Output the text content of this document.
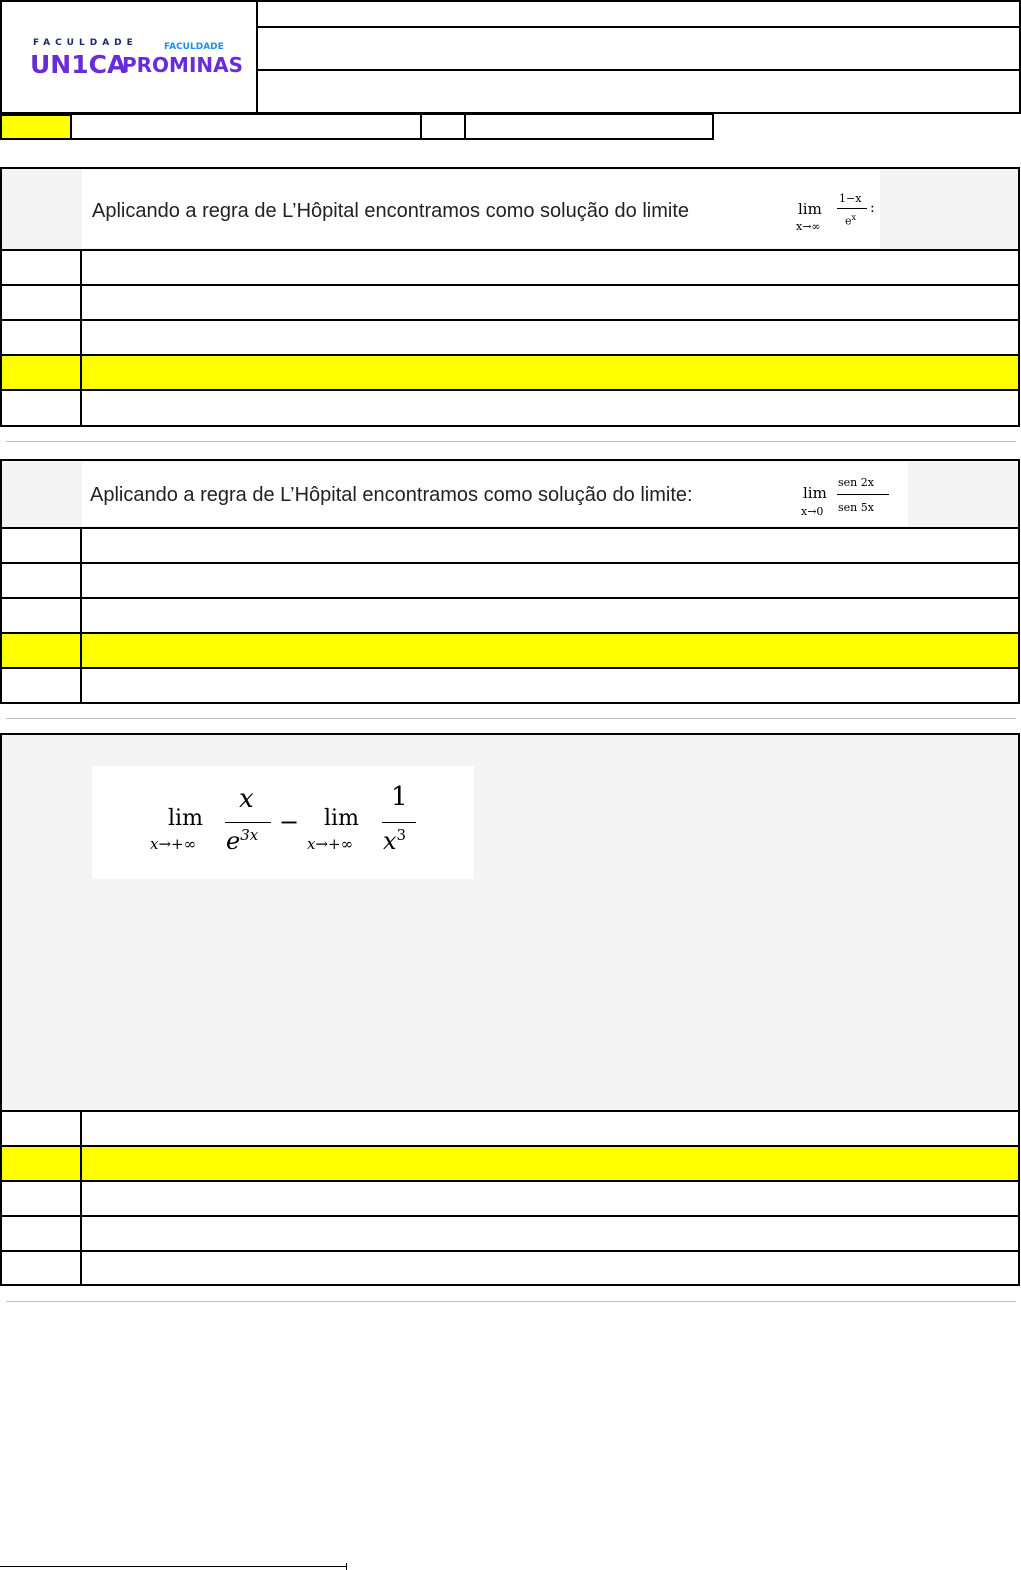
FACULDADE
UN1CA
FACULDADE
PROMINAS
Aplicando a regra de L’Hôpital encontramos como solução do limite	lim
x→∞
1−x
$e^x$
:
Aplicando a regra de L’Hôpital encontramos como solução do limite:	lim
x→0
sen 2x
sen 5x
lim
x→+∞
x
$e^{3x} - \lim$
x→+∞
1
$x^3$
